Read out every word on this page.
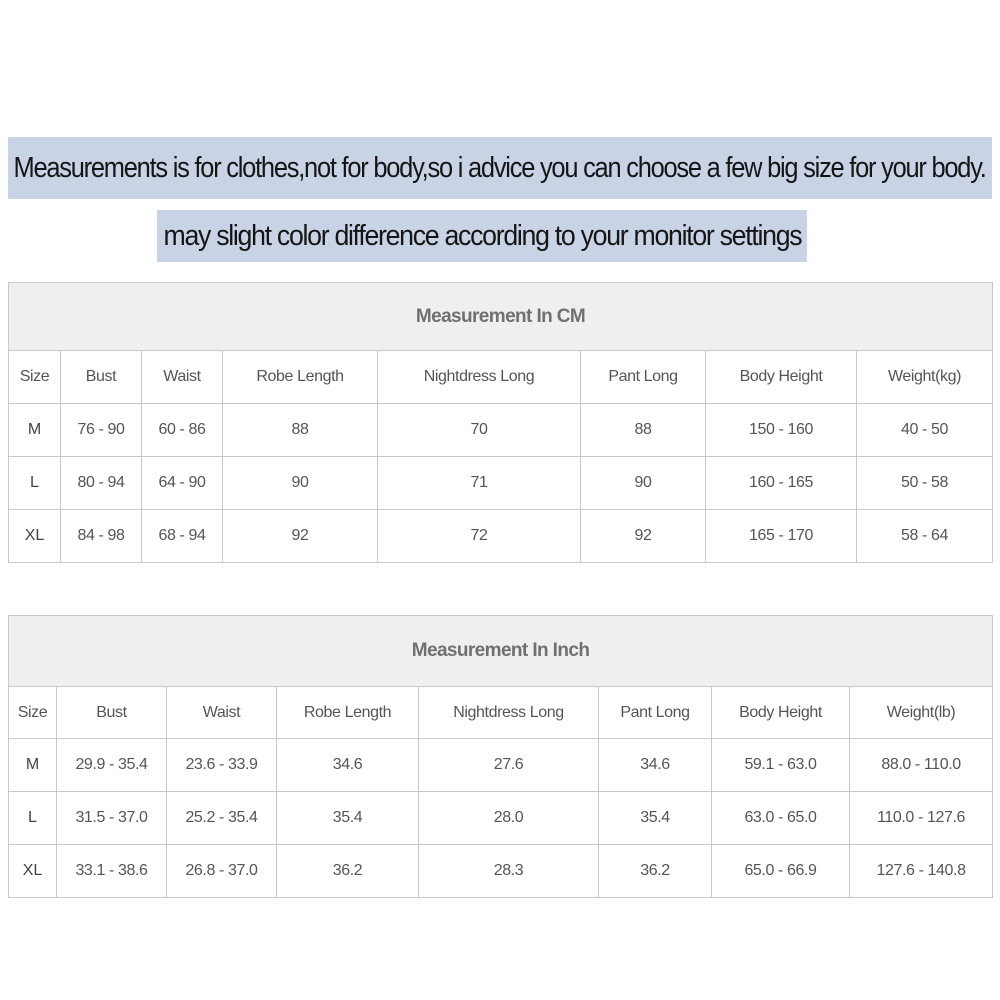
Measurements is for clothes,not for body,so i advice you can choose a few big size for your body.
may slight color difference according to your monitor settings
Measurement In CM							
Size	Bust	Waist	Robe Length	Nightdress Long	Pant Long	Body Height	Weight(kg)
M	76 - 90	60 - 86	88	70	88	150 - 160	40 - 50
L	80 - 94	64 - 90	90	71	90	160 - 165	50 - 58
XL	84 - 98	68 - 94	92	72	92	165 - 170	58 - 64
Measurement In Inch							
Size	Bust	Waist	Robe Length	Nightdress Long	Pant Long	Body Height	Weight(lb)
M	29.9 - 35.4	23.6 - 33.9	34.6	27.6	34.6	59.1 - 63.0	88.0 - 110.0
L	31.5 - 37.0	25.2 - 35.4	35.4	28.0	35.4	63.0 - 65.0	110.0 - 127.6
XL	33.1 - 38.6	26.8 - 37.0	36.2	28.3	36.2	65.0 - 66.9	127.6 - 140.8
